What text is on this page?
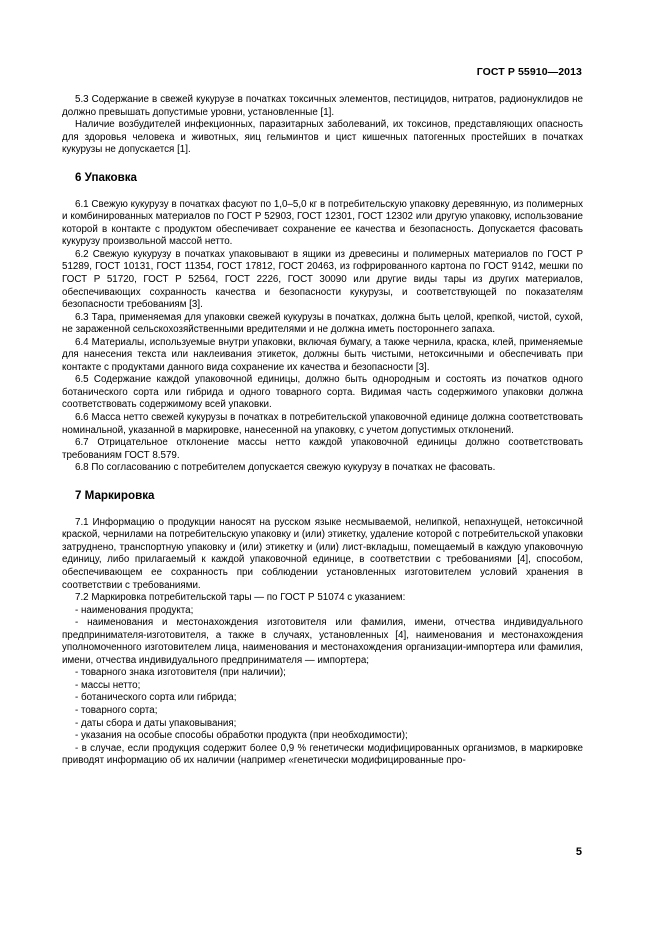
ГОСТ Р 55910—2013

5.3 Содержание в свежей кукурузе в початках токсичных элементов, пестицидов, нитратов, радионуклидов не должно превышать допустимые уровни, установленные [1].

Наличие возбудителей инфекционных, паразитарных заболеваний, их токсинов, представляющих опасность для здоровья человека и животных, яиц гельминтов и цист кишечных патогенных простейших в початках кукурузы не допускается [1].

6 Упаковка

6.1 Свежую кукурузу в початках фасуют по 1,0–5,0 кг в потребительскую упаковку деревянную, из полимерных и комбинированных материалов по ГОСТ Р 52903, ГОСТ 12301, ГОСТ 12302 или другую упаковку, использование которой в контакте с продуктом обеспечивает сохранение ее качества и безопасность. Допускается фасовать кукурузу произвольной массой нетто.

6.2 Свежую кукурузу в початках упаковывают в ящики из древесины и полимерных материалов по ГОСТ Р 51289, ГОСТ 10131, ГОСТ 11354, ГОСТ 17812, ГОСТ 20463, из гофрированного картона по ГОСТ 9142, мешки по ГОСТ Р 51720, ГОСТ Р 52564, ГОСТ 2226, ГОСТ 30090 или другие виды тары из других материалов, обеспечивающих сохранность качества и безопасности кукурузы, и соответствующей по показателям безопасности требованиям [3].

6.3 Тара, применяемая для упаковки свежей кукурузы в початках, должна быть целой, крепкой, чистой, сухой, не зараженной сельскохозяйственными вредителями и не должна иметь постороннего запаха.

6.4 Материалы, используемые внутри упаковки, включая бумагу, а также чернила, краска, клей, применяемые для нанесения текста или наклеивания этикеток, должны быть чистыми, нетоксичными и обеспечивать при контакте с продуктами данного вида сохранение их качества и безопасности [3].

6.5 Содержание каждой упаковочной единицы, должно быть однородным и состоять из початков одного ботанического сорта или гибрида и одного товарного сорта. Видимая часть содержимого упаковки должна соответствовать содержимому всей упаковки.

6.6 Масса нетто свежей кукурузы в початках в потребительской упаковочной единице должна соответствовать номинальной, указанной в маркировке, нанесенной на упаковку, с учетом допустимых отклонений.

6.7 Отрицательное отклонение массы нетто каждой упаковочной единицы должно соответствовать требованиям ГОСТ 8.579.

6.8 По согласованию с потребителем допускается свежую кукурузу в початках не фасовать.

7 Маркировка

7.1 Информацию о продукции наносят на русском языке несмываемой, нелипкой, непахнущей, нетоксичной краской, чернилами на потребительскую упаковку и (или) этикетку, удаление которой с потребительской упаковки затруднено, транспортную упаковку и (или) этикетку и (или) лист-вкладыш, помещаемый в каждую упаковочную единицу, либо прилагаемый к каждой упаковочной единице, в соответствии с требованиями [4], способом, обеспечивающем ее сохранность при соблюдении установленных изготовителем условий хранения в соответствии с требованиями.

7.2 Маркировка потребительской тары — по ГОСТ Р 51074 с указанием:

- наименования продукта;

- наименования и местонахождения изготовителя или фамилия, имени, отчества индивидуального предпринимателя-изготовителя, а также в случаях, установленных [4], наименования и местонахождения уполномоченного изготовителем лица, наименования и местонахождения организации-импортера или фамилия, имени, отчества индивидуального предпринимателя — импортера;

- товарного знака изготовителя (при наличии);

- массы нетто;

- ботанического сорта или гибрида;

- товарного сорта;

- даты сбора и даты упаковывания;

- указания на особые способы обработки продукта (при необходимости);

- в случае, если продукция содержит более 0,9 % генетически модифицированных организмов, в маркировке приводят информацию об их наличии (например «генетически модифицированные про-

5
